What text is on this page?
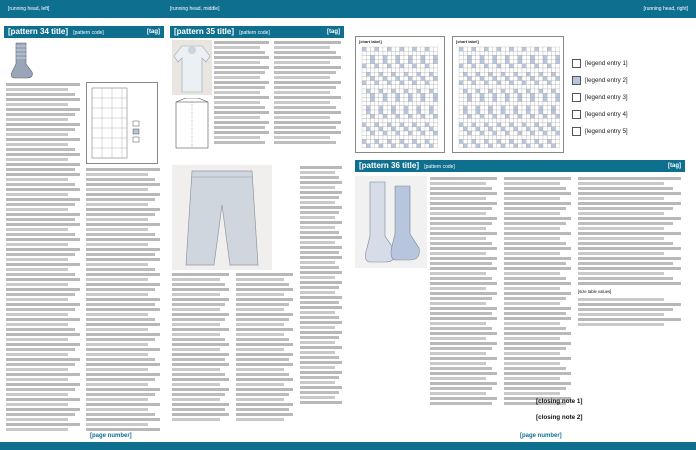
[running head, left]	[running head, middle]	[running head, right]
[pattern 34 title] [pattern code]	[tag]	[pattern 35 title] [pattern code]	[tag]
[page number]
[chart label]	[chart label]
[legend entry 1]
[legend entry 2]
[legend entry 3]
[legend entry 4]
[legend entry 5]
[pattern 36 title] [pattern code]	[tag]
[size table values]
[closing note 1]
[closing note 2]
[page number]
